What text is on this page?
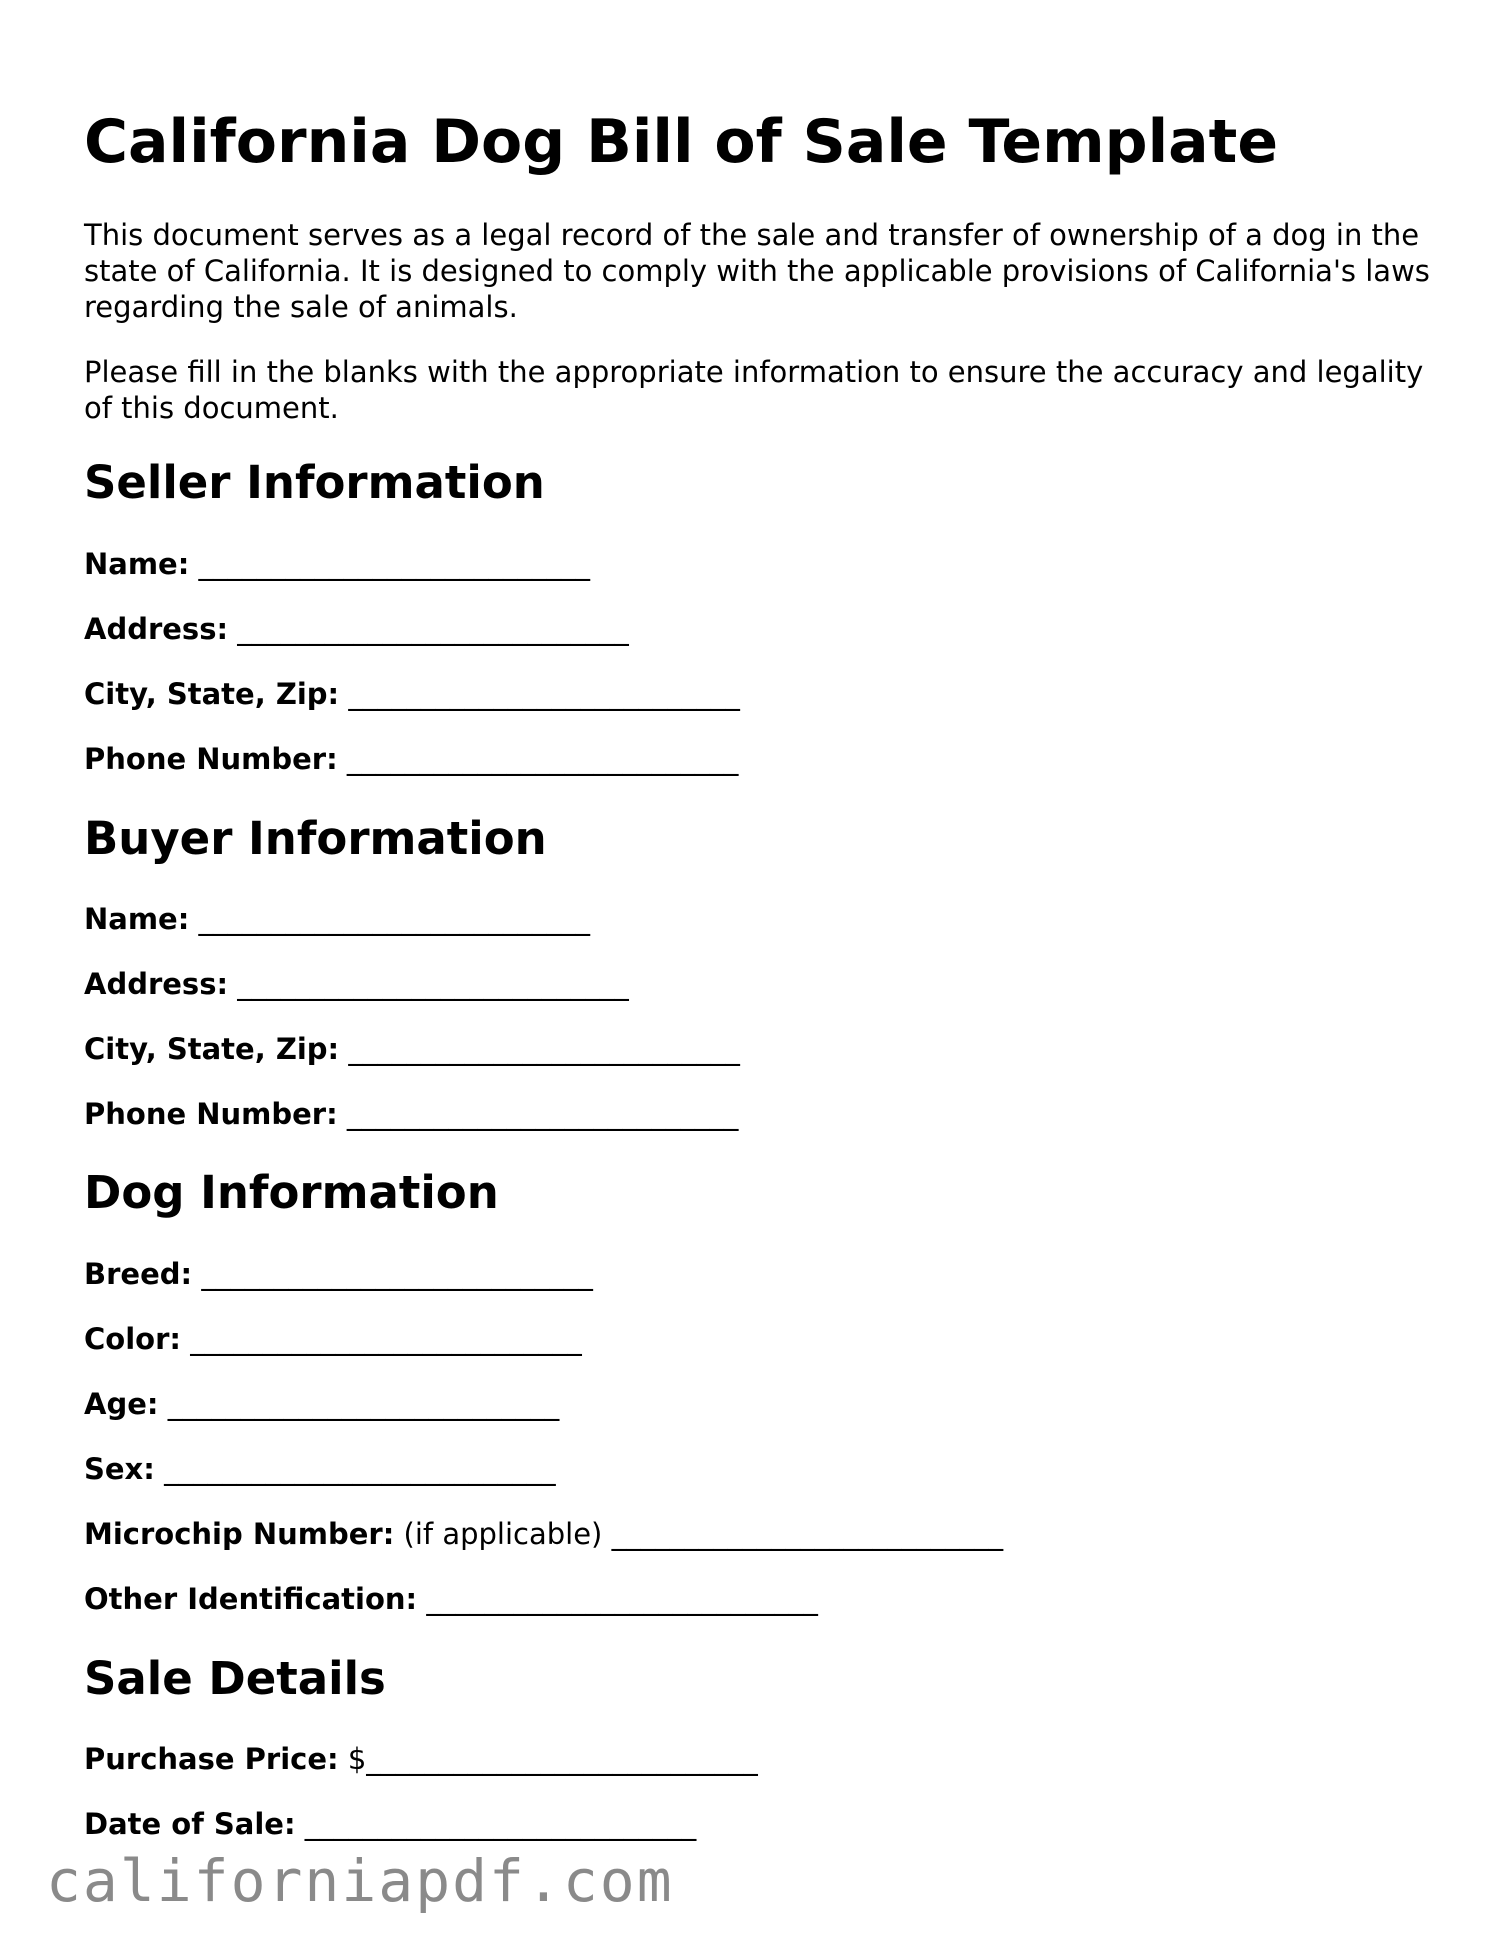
California Dog Bill of Sale Template

This document serves as a legal record of the sale and transfer of ownership of a dog in the state of California. It is designed to comply with the applicable provisions of California's laws regarding the sale of animals.

Please fill in the blanks with the appropriate information to ensure the accuracy and legality of this document.

Seller Information
Name: ___________________________
Address: ___________________________
City, State, Zip: ___________________________
Phone Number: ___________________________
Buyer Information
Name: ___________________________
Address: ___________________________
City, State, Zip: ___________________________
Phone Number: ___________________________
Dog Information
Breed: ___________________________
Color: ___________________________
Age: ___________________________
Sex: ___________________________
Microchip Number: (if applicable) ___________________________
Other Identification: ___________________________
Sale Details
Purchase Price: $___________________________
Date of Sale: ___________________________
californiapdf.com
